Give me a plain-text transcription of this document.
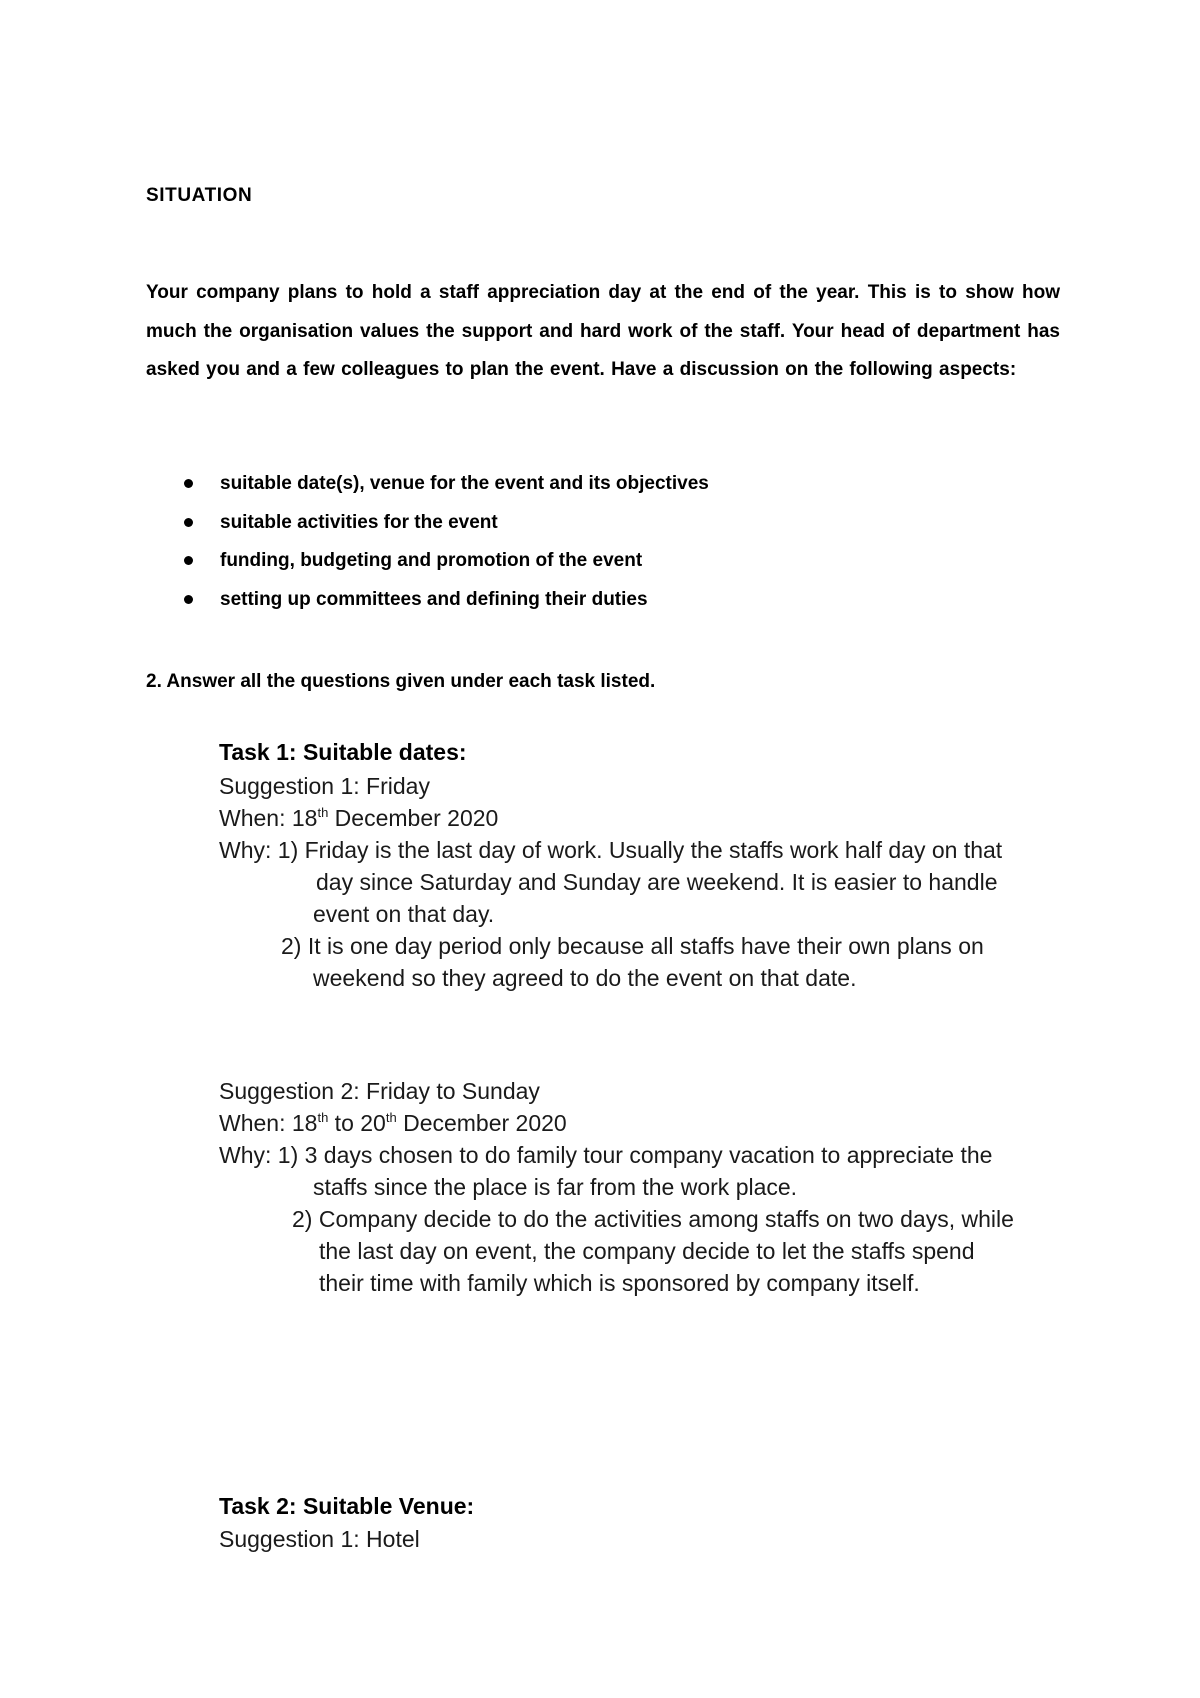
SITUATION
Your company plans to hold a staff appreciation day at the end of the year. This is to show how much the organisation values the support and hard work of the staff. Your head of department has asked you and a few colleagues to plan the event. Have a discussion on the following aspects:
suitable date(s), venue for the event and its objectives
suitable activities for the event
funding, budgeting and promotion of the event
setting up committees and defining their duties
2. Answer all the questions given under each task listed.
Task 1: Suitable dates:
Suggestion 1: Friday
When: 18th December 2020
Why: 1) Friday is the last day of work. Usually the staffs work half day on that
day since Saturday and Sunday are weekend. It is easier to handle
event on that day.
2) It is one day period only because all staffs have their own plans on
weekend so they agreed to do the event on that date.
Suggestion 2: Friday to Sunday
When: 18th to 20th December 2020
Why: 1) 3 days chosen to do family tour company vacation to appreciate the
staffs since the place is far from the work place.
2) Company decide to do the activities among staffs on two days, while
the last day on event, the company decide to let the staffs spend
their time with family which is sponsored by company itself.
Task 2: Suitable Venue:
Suggestion 1: Hotel
